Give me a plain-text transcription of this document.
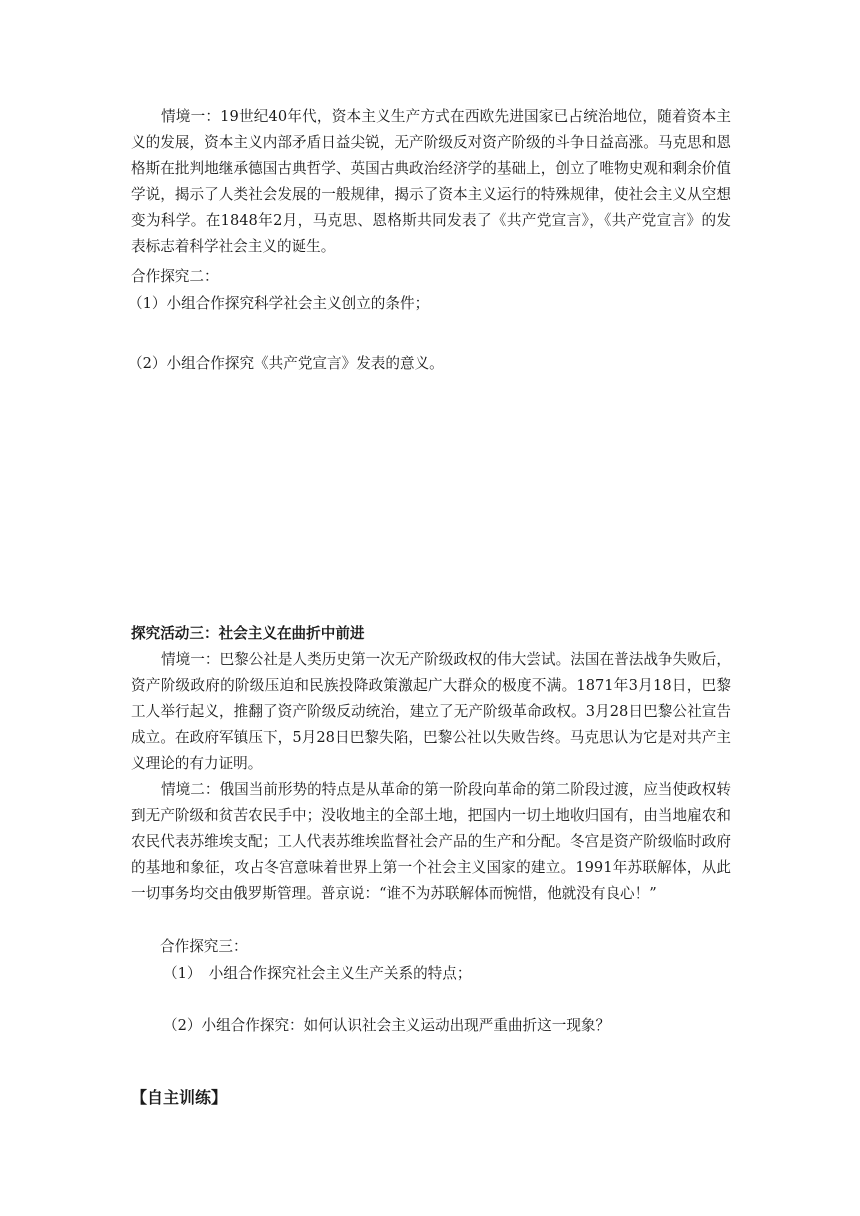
情境一：19世纪40年代，资本主义生产方式在西欧先进国家已占统治地位，随着资本主义的发展，资本主义内部矛盾日益尖锐，无产阶级反对资产阶级的斗争日益高涨。马克思和恩格斯在批判地继承德国古典哲学、英国古典政治经济学的基础上，创立了唯物史观和剩余价值学说，揭示了人类社会发展的一般规律，揭示了资本主义运行的特殊规律，使社会主义从空想变为科学。在1848年2月，马克思、恩格斯共同发表了《共产党宣言》，《共产党宣言》的发表标志着科学社会主义的诞生。

合作探究二：
（1）小组合作探究科学社会主义创立的条件；
（2）小组合作探究《共产党宣言》发表的意义。
探究活动三：社会主义在曲折中前进

情境一：巴黎公社是人类历史第一次无产阶级政权的伟大尝试。法国在普法战争失败后，资产阶级政府的阶级压迫和民族投降政策激起广大群众的极度不满。1871年3月18日，巴黎工人举行起义，推翻了资产阶级反动统治，建立了无产阶级革命政权。3月28日巴黎公社宣告成立。在政府军镇压下，5月28日巴黎失陷，巴黎公社以失败告终。马克思认为它是对共产主义理论的有力证明。

情境二：俄国当前形势的特点是从革命的第一阶段向革命的第二阶段过渡，应当使政权转到无产阶级和贫苦农民手中；没收地主的全部土地，把国内一切土地收归国有，由当地雇农和农民代表苏维埃支配；工人代表苏维埃监督社会产品的生产和分配。冬宫是资产阶级临时政府的基地和象征，攻占冬宫意味着世界上第一个社会主义国家的建立。1991年苏联解体，从此一切事务均交由俄罗斯管理。普京说：“谁不为苏联解体而惋惜，他就没有良心！”

合作探究三：
（1）　小组合作探究社会主义生产关系的特点；
（2）小组合作探究：如何认识社会主义运动出现严重曲折这一现象？
【自主训练】
